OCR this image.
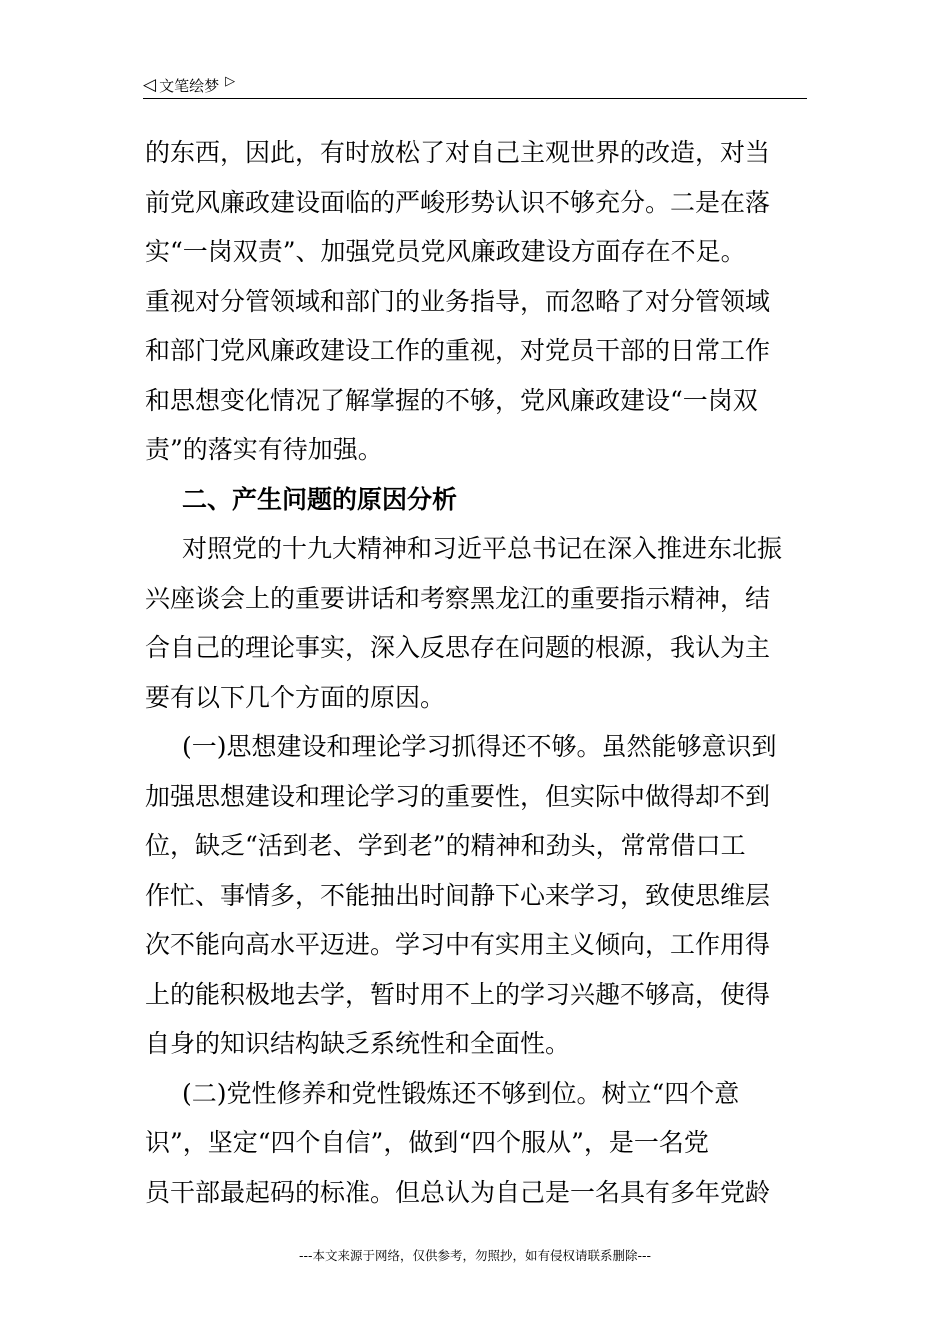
◁ 文笔绘梦 ▷
的东西，因此，有时放松了对自己主观世界的改造，对当
前党风廉政建设面临的严峻形势认识不够充分。二是在落
实“一岗双责”、加强党员党风廉政建设方面存在不足。
重视对分管领域和部门的业务指导，而忽略了对分管领域
和部门党风廉政建设工作的重视，对党员干部的日常工作
和思想变化情况了解掌握的不够，党风廉政建设“一岗双
责”的落实有待加强。
二、产生问题的原因分析
对照党的十九大精神和习近平总书记在深入推进东北振
兴座谈会上的重要讲话和考察黑龙江的重要指示精神，结
合自己的理论事实，深入反思存在问题的根源，我认为主
要有以下几个方面的原因。
(一)思想建设和理论学习抓得还不够。虽然能够意识到
加强思想建设和理论学习的重要性，但实际中做得却不到
位，缺乏“活到老、学到老”的精神和劲头，常常借口工
作忙、事情多，不能抽出时间静下心来学习，致使思维层
次不能向高水平迈进。学习中有实用主义倾向，工作用得
上的能积极地去学，暂时用不上的学习兴趣不够高，使得
自身的知识结构缺乏系统性和全面性。
(二)党性修养和党性锻炼还不够到位。树立“四个意
识”，坚定“四个自信”，做到“四个服从”，是一名党
员干部最起码的标准。但总认为自己是一名具有多年党龄
---本文来源于网络，仅供参考，勿照抄，如有侵权请联系删除---
